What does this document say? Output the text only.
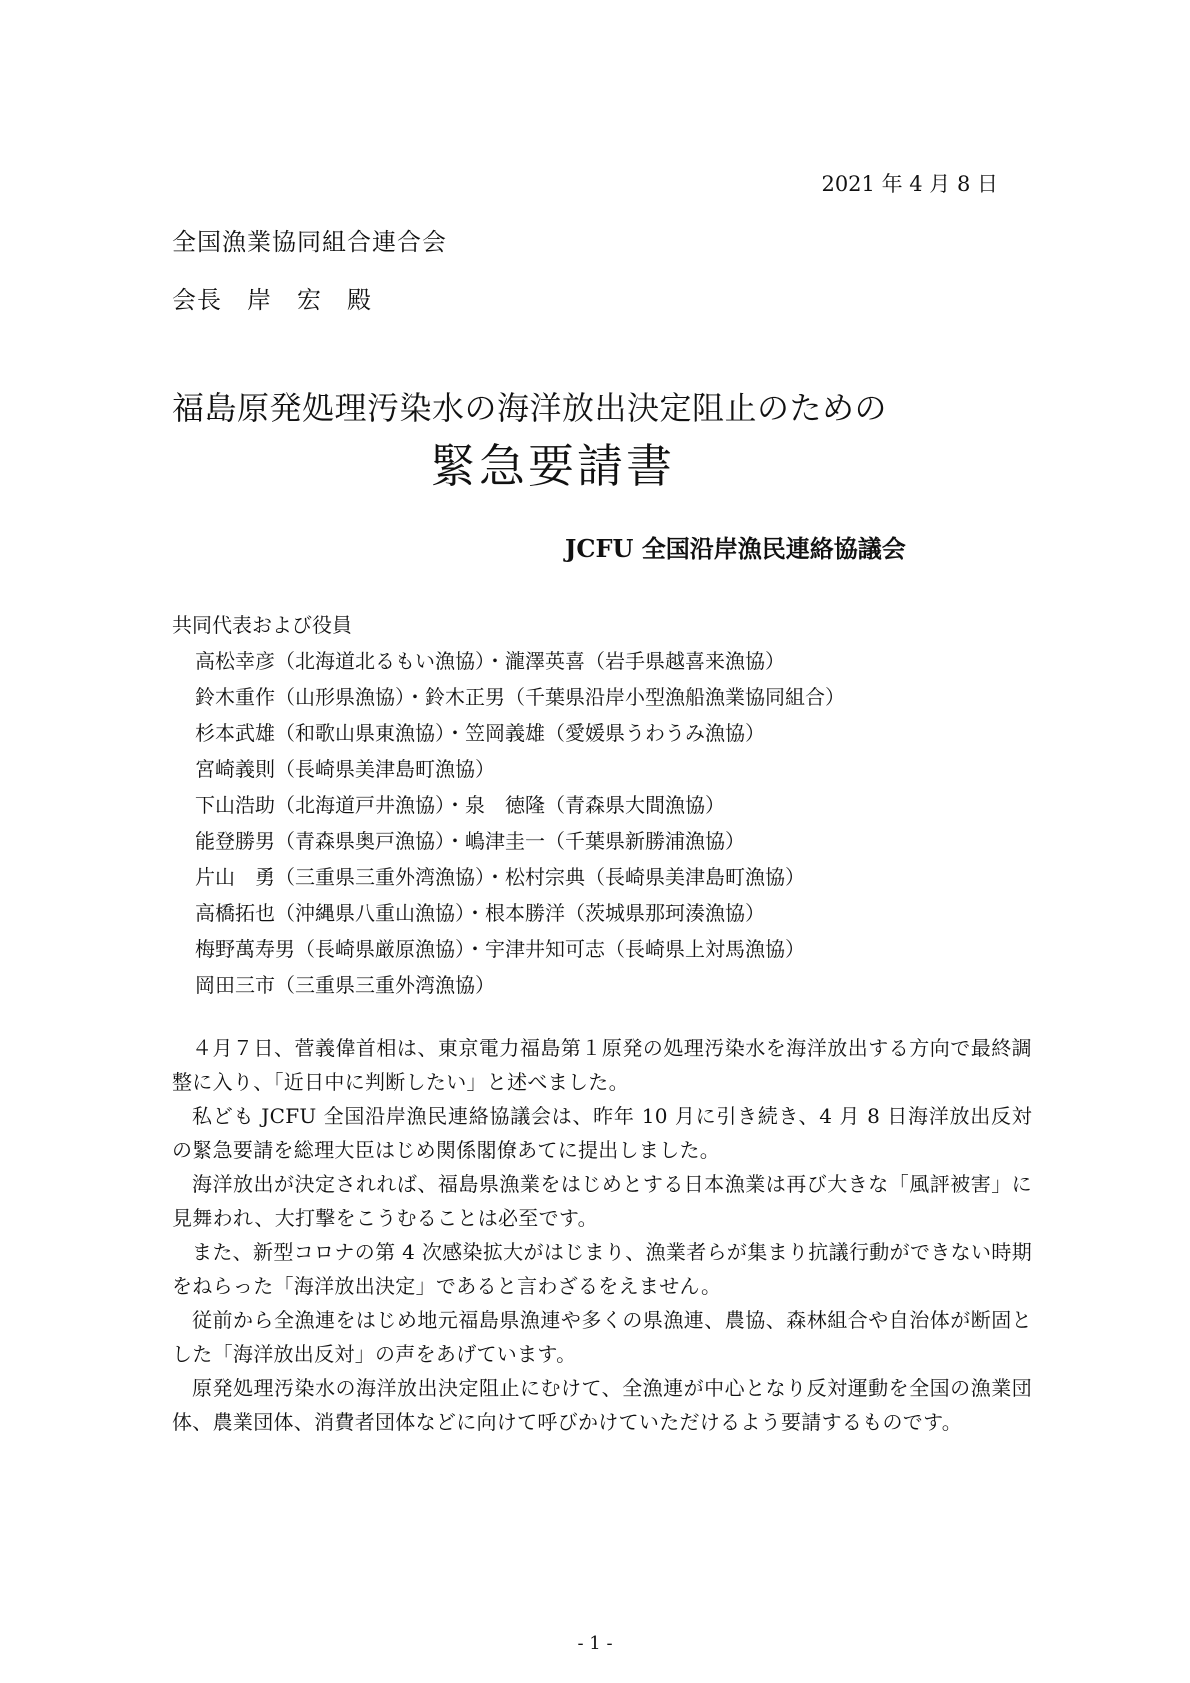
2021 年 4 月 8 日
全国漁業協同組合連合会
会長　岸　宏　殿
福島原発処理汚染水の海洋放出決定阻止のための
緊急要請書
JCFU 全国沿岸漁民連絡協議会
共同代表および役員
高松幸彦（北海道北るもい漁協）・瀧澤英喜（岩手県越喜来漁協）
鈴木重作（山形県漁協）・鈴木正男（千葉県沿岸小型漁船漁業協同組合）
杉本武雄（和歌山県東漁協）・笠岡義雄（愛媛県うわうみ漁協）
宮崎義則（長崎県美津島町漁協）
下山浩助（北海道戸井漁協）・泉　徳隆（青森県大間漁協）
能登勝男（青森県奥戸漁協）・嶋津圭一（千葉県新勝浦漁協）
片山　勇（三重県三重外湾漁協）・松村宗典（長崎県美津島町漁協）
高橋拓也（沖縄県八重山漁協）・根本勝洋（茨城県那珂湊漁協）
梅野萬寿男（長崎県厳原漁協）・宇津井知可志（長崎県上対馬漁協）
岡田三市（三重県三重外湾漁協）

４月７日、菅義偉首相は、東京電力福島第１原発の処理汚染水を海洋放出する方向で最終調整に入り、「近日中に判断したい」と述べました。

私ども JCFU 全国沿岸漁民連絡協議会は、昨年 10 月に引き続き、4 月 8 日海洋放出反対の緊急要請を総理大臣はじめ関係閣僚あてに提出しました。

海洋放出が決定されれば、福島県漁業をはじめとする日本漁業は再び大きな「風評被害」に見舞われ、大打撃をこうむることは必至です。

また、新型コロナの第 4 次感染拡大がはじまり、漁業者らが集まり抗議行動ができない時期をねらった「海洋放出決定」であると言わざるをえません。

従前から全漁連をはじめ地元福島県漁連や多くの県漁連、農協、森林組合や自治体が断固とした「海洋放出反対」の声をあげています。

原発処理汚染水の海洋放出決定阻止にむけて、全漁連が中心となり反対運動を全国の漁業団体、農業団体、消費者団体などに向けて呼びかけていただけるよう要請するものです。

- 1 -
